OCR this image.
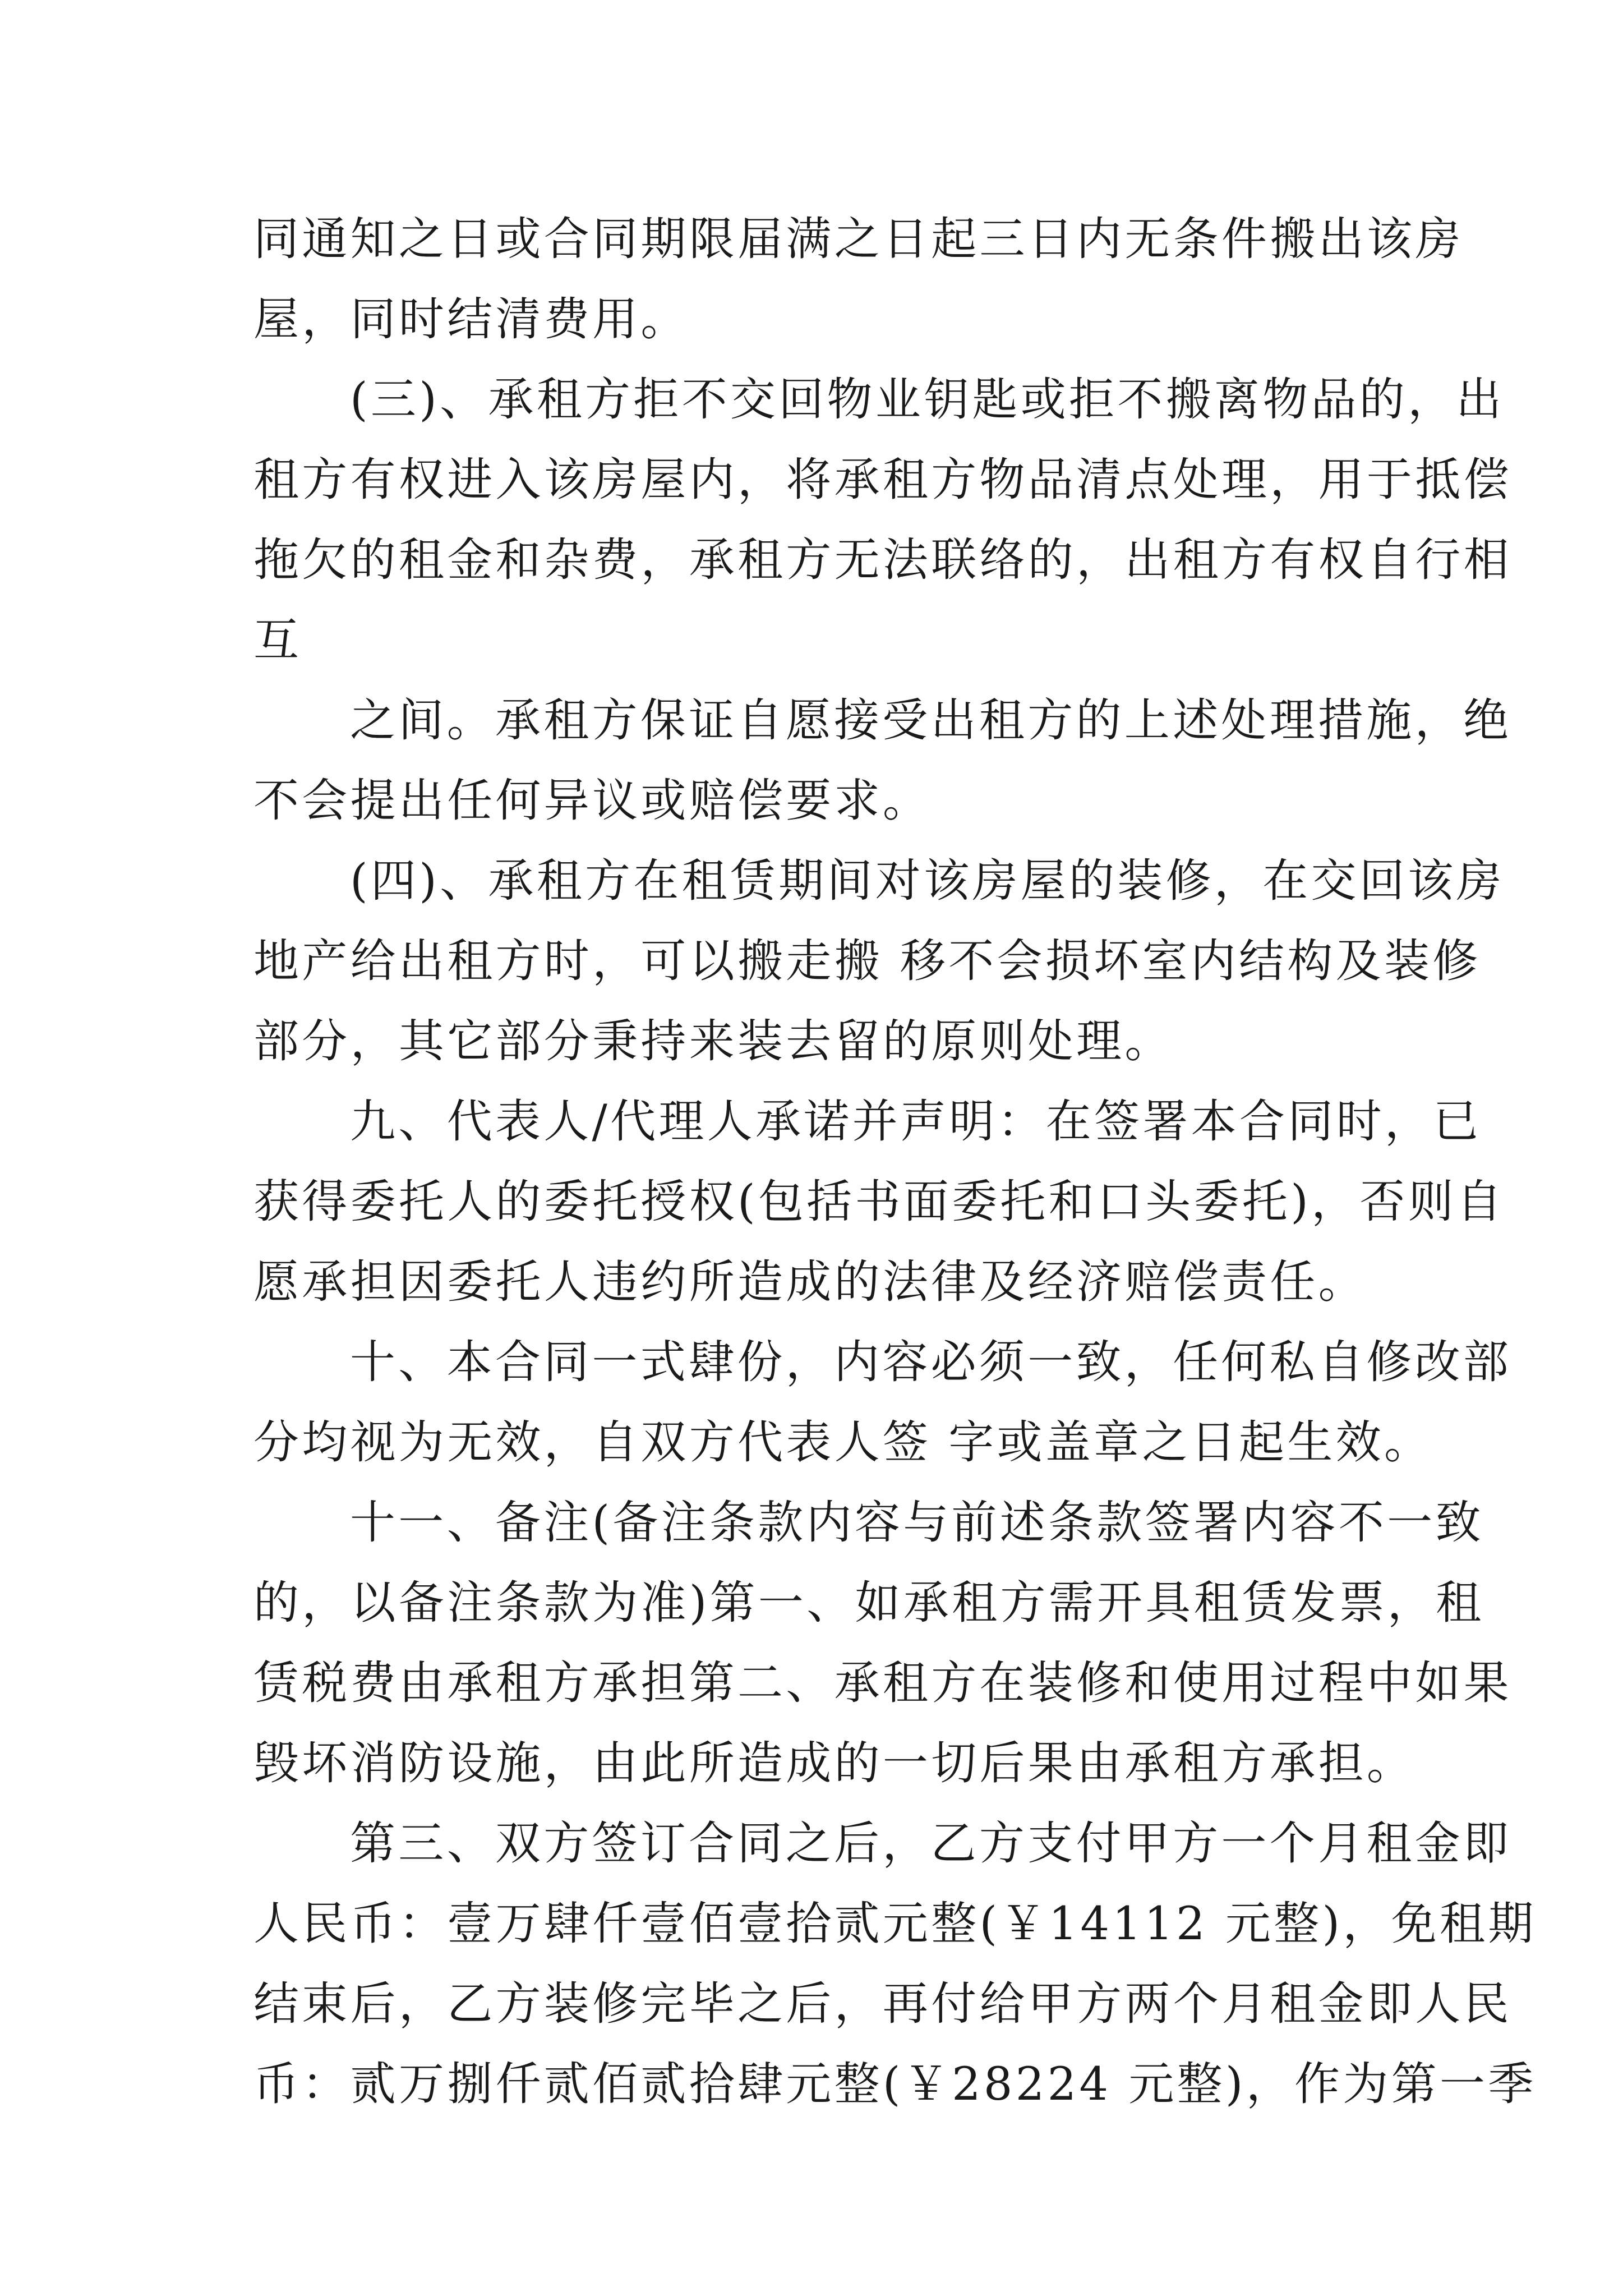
同通知之日或合同期限届满之日起三日内无条件搬出该房

屋，同时结清费用。

(三)、承租方拒不交回物业钥匙或拒不搬离物品的，出

租方有权进入该房屋内，将承租方物品清点处理，用于抵偿

拖欠的租金和杂费，承租方无法联络的，出租方有权自行相

互

之间。承租方保证自愿接受出租方的上述处理措施，绝

不会提出任何异议或赔偿要求。

(四)、承租方在租赁期间对该房屋的装修，在交回该房

地产给出租方时，可以搬走搬 移不会损坏室内结构及装修

部分，其它部分秉持来装去留的原则处理。

九、代表人/代理人承诺并声明：在签署本合同时，已

获得委托人的委托授权(包括书面委托和口头委托)，否则自

愿承担因委托人违约所造成的法律及经济赔偿责任。

十、本合同一式肆份，内容必须一致，任何私自修改部

分均视为无效，自双方代表人签 字或盖章之日起生效。

十一、备注(备注条款内容与前述条款签署内容不一致

的，以备注条款为准)第一、如承租方需开具租赁发票，租

赁税费由承租方承担第二、承租方在装修和使用过程中如果

毁坏消防设施，由此所造成的一切后果由承租方承担。

第三、双方签订合同之后，乙方支付甲方一个月租金即

人民币：壹万肆仟壹佰壹拾贰元整(￥14112 元整)，免租期

结束后，乙方装修完毕之后，再付给甲方两个月租金即人民

币：贰万捌仟贰佰贰拾肆元整(￥28224 元整)，作为第一季
